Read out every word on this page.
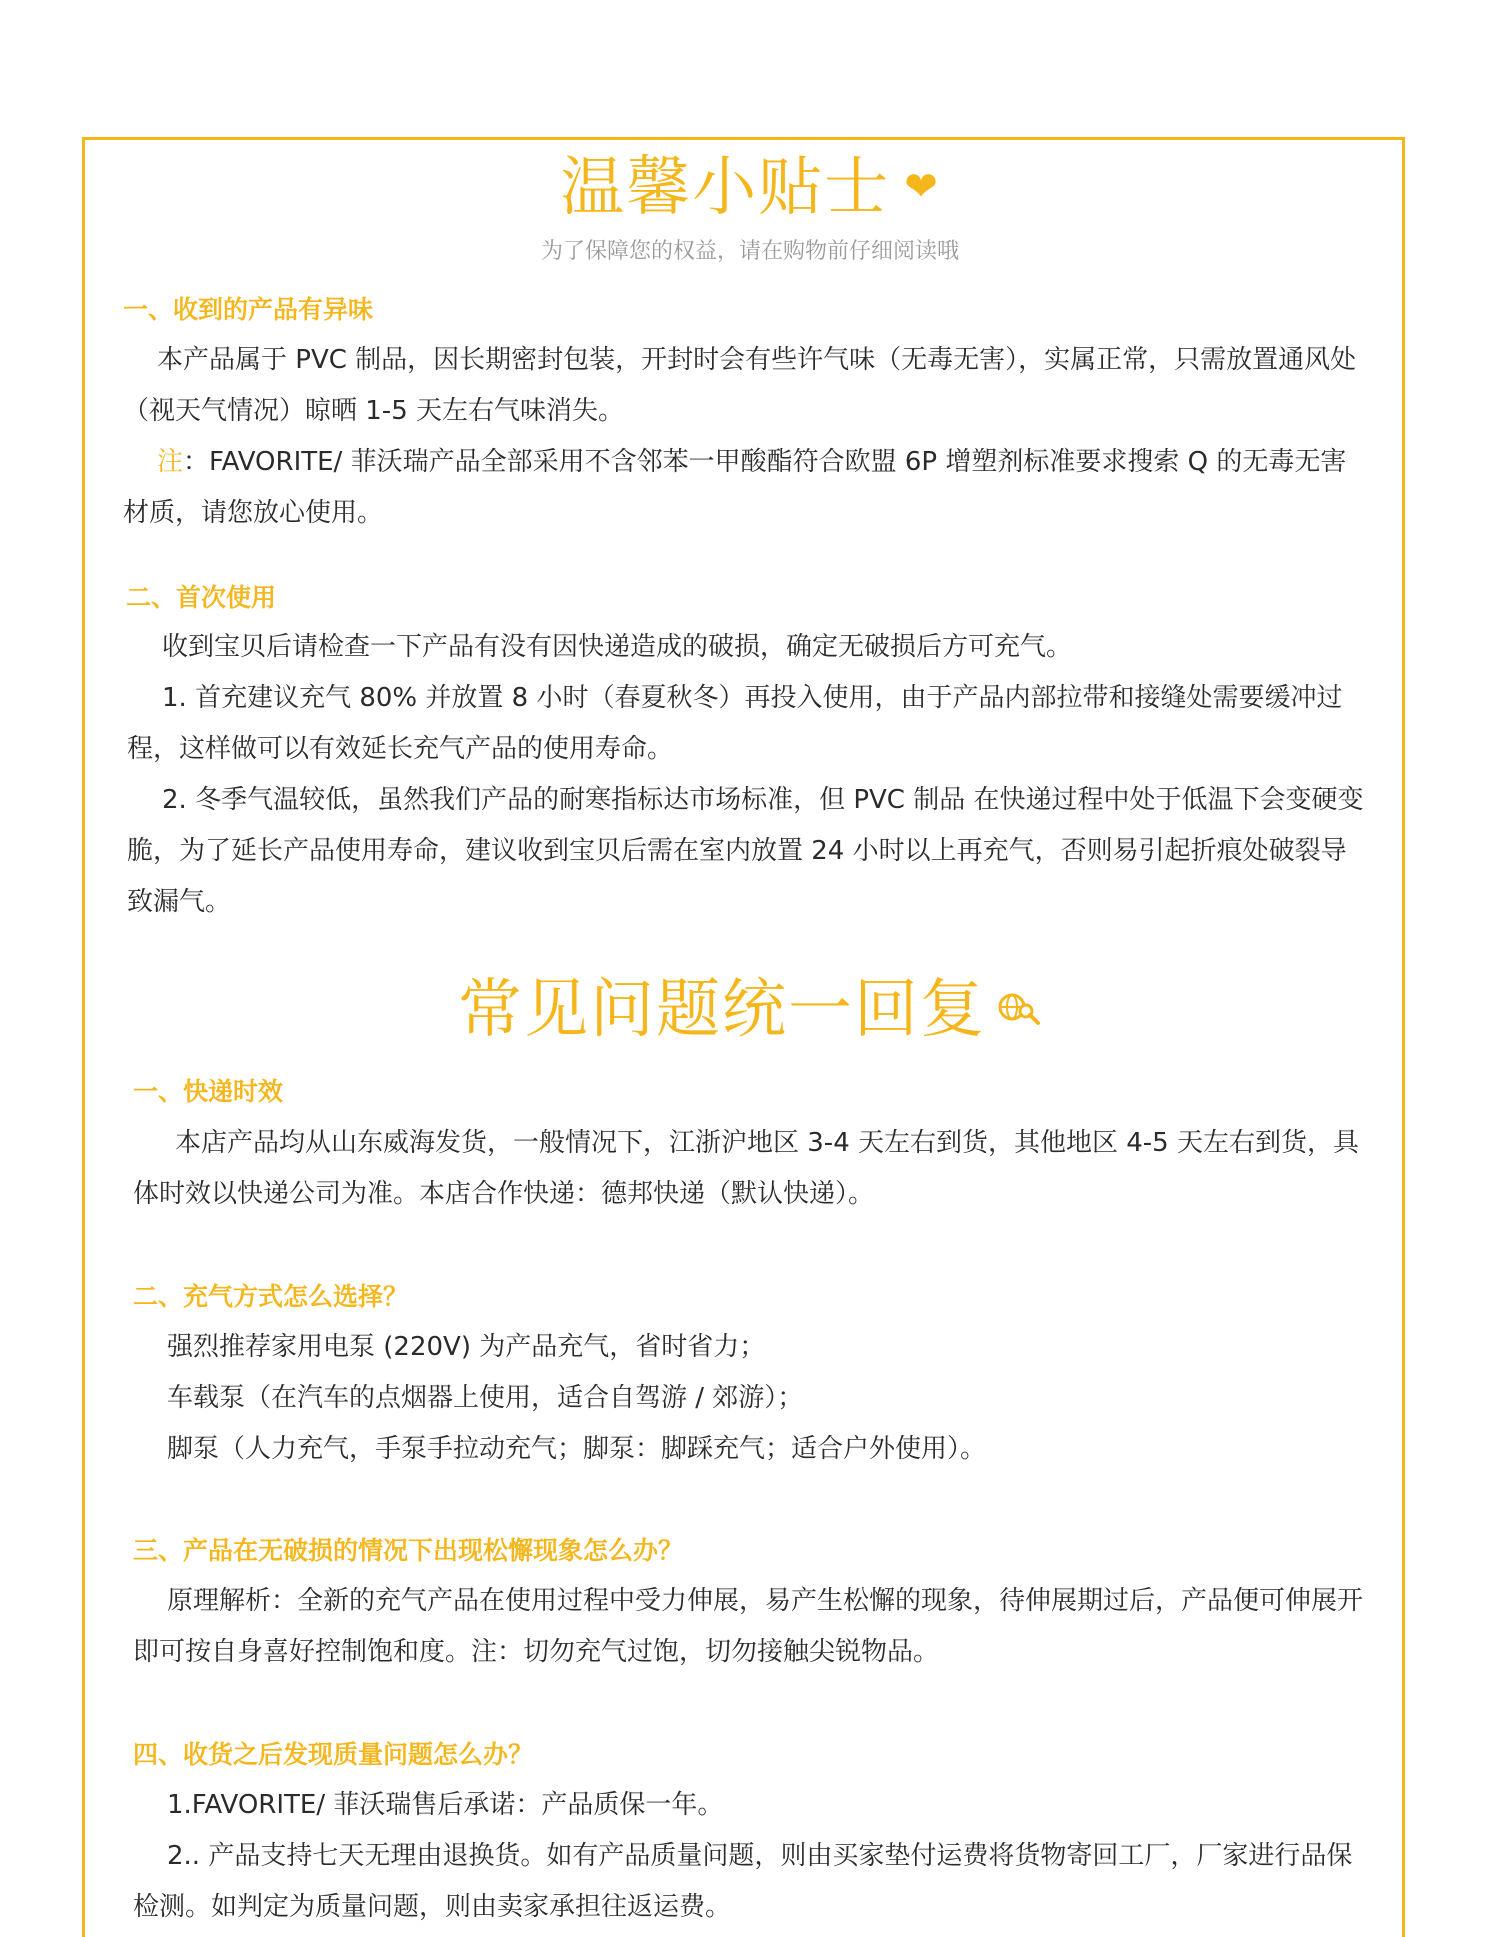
温馨小贴士 ❤
为了保障您的权益，请在购物前仔细阅读哦
一、收到的产品有异味

本产品属于 PVC 制品，因长期密封包装，开封时会有些许气味（无毒无害），实属正常，只需放置通风处（视天气情况）晾晒 1-5 天左右气味消失。

注：FAVORITE/ 菲沃瑞产品全部采用不含邻苯一甲酸酯符合欧盟 6P 增塑剂标准要求搜索 Q 的无毒无害材质，请您放心使用。

二、首次使用

收到宝贝后请检查一下产品有没有因快递造成的破损，确定无破损后方可充气。

1. 首充建议充气 80% 并放置 8 小时（春夏秋冬）再投入使用，由于产品内部拉带和接缝处需要缓冲过程，这样做可以有效延长充气产品的使用寿命。

2. 冬季气温较低，虽然我们产品的耐寒指标达市场标准，但 PVC 制品 在快递过程中处于低温下会变硬变脆，为了延长产品使用寿命，建议收到宝贝后需在室内放置 24 小时以上再充气，否则易引起折痕处破裂导致漏气。

常见问题统一回复
一、快递时效

本店产品均从山东威海发货，一般情况下，江浙沪地区 3-4 天左右到货，其他地区 4-5 天左右到货，具体时效以快递公司为准。本店合作快递：德邦快递（默认快递）。

二、充气方式怎么选择？

强烈推荐家用电泵 (220V) 为产品充气，省时省力；

车载泵（在汽车的点烟器上使用，适合自驾游 / 郊游）；

脚泵（人力充气，手泵手拉动充气；脚泵：脚踩充气；适合户外使用）。

三、产品在无破损的情况下出现松懈现象怎么办？

原理解析：全新的充气产品在使用过程中受力伸展，易产生松懈的现象，待伸展期过后，产品便可伸展开即可按自身喜好控制饱和度。注：切勿充气过饱，切勿接触尖锐物品。

四、收货之后发现质量问题怎么办？

1.FAVORITE/ 菲沃瑞售后承诺：产品质保一年。

2.. 产品支持七天无理由退换货。如有产品质量问题，则由买家垫付运费将货物寄回工厂，厂家进行品保检测。如判定为质量问题，则由卖家承担往返运费。
